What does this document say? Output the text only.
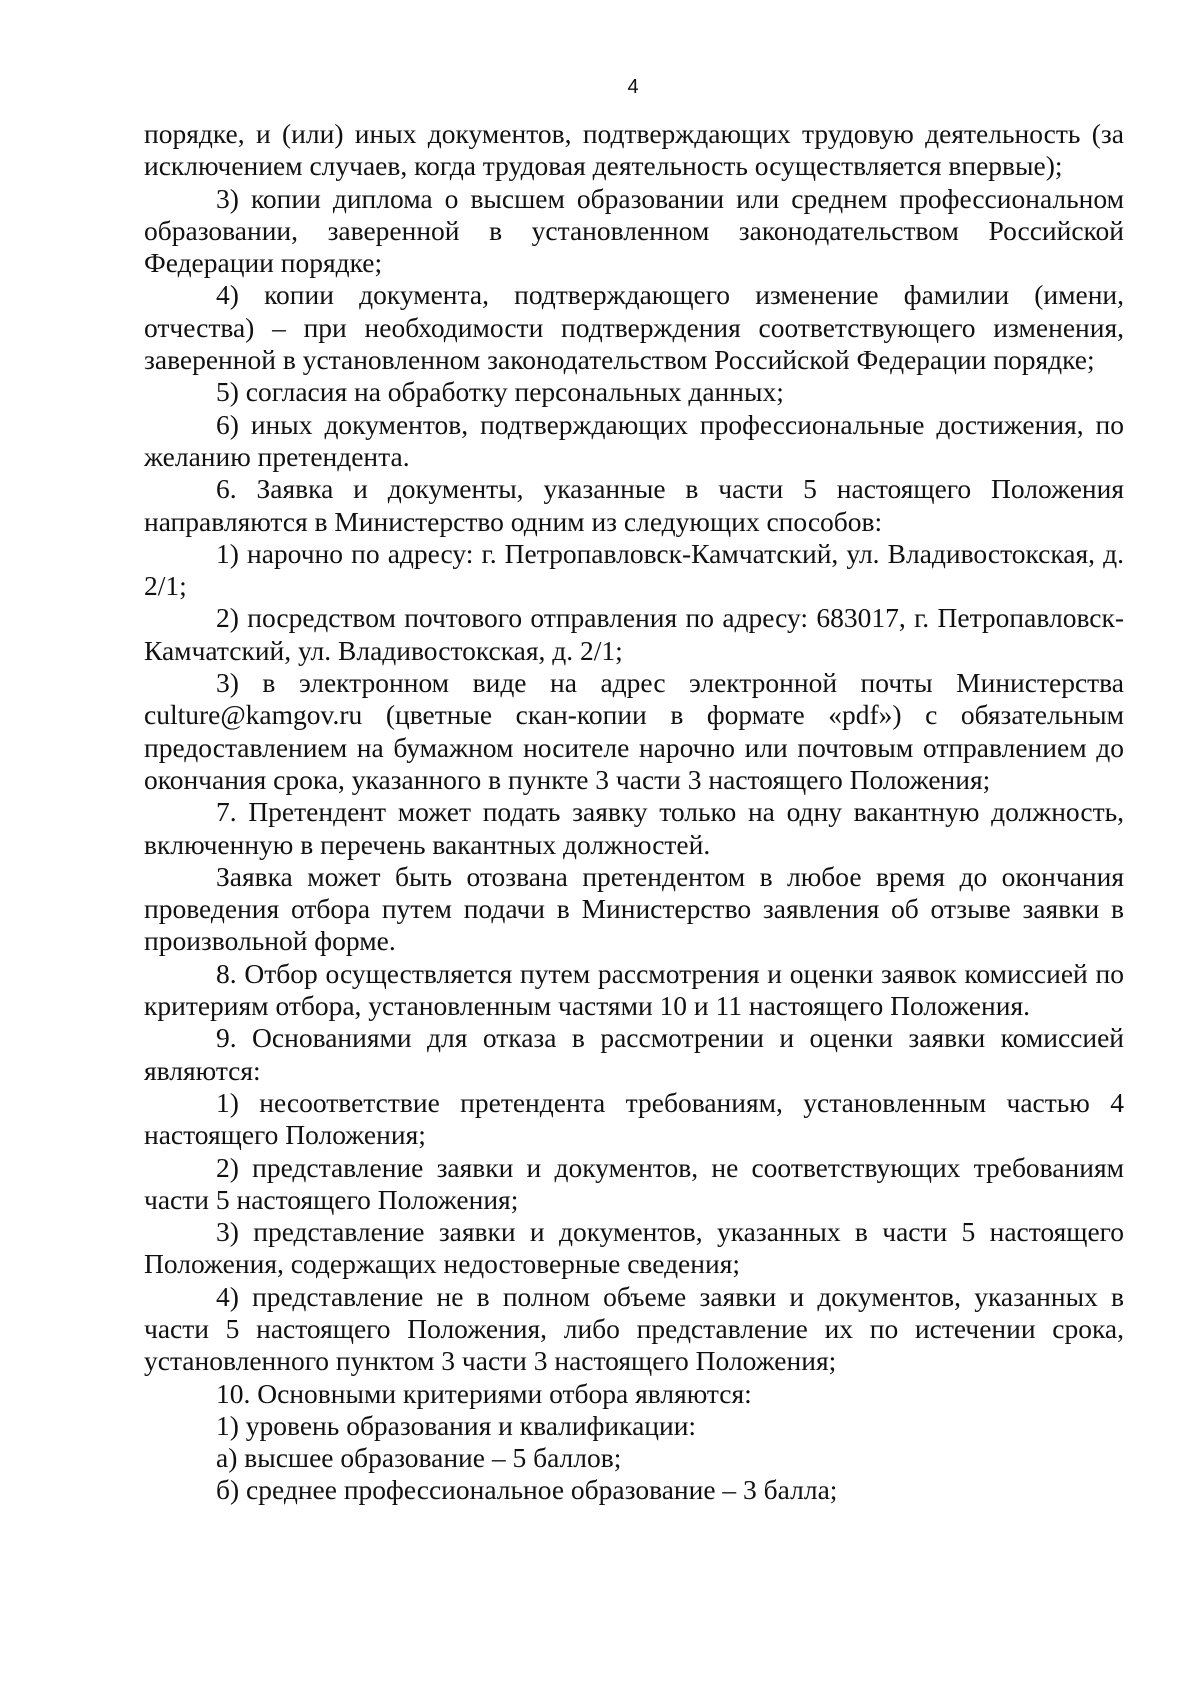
4

порядке, и (или) иных документов, подтверждающих трудовую деятельность (за исключением случаев, когда трудовая деятельность осуществляется впервые);

3) копии диплома о высшем образовании или среднем профессиональном образовании, заверенной в установленном законодательством Российской Федерации порядке;

4) копии документа, подтверждающего изменение фамилии (имени, отчества) – при необходимости подтверждения соответствующего изменения, заверенной в установленном законодательством Российской Федерации порядке;

5) согласия на обработку персональных данных;

6) иных документов, подтверждающих профессиональные достижения, по желанию претендента.

6. Заявка и документы, указанные в части 5 настоящего Положения направляются в Министерство одним из следующих способов:

1) нарочно по адресу: г. Петропавловск-Камчатский, ул. Владивостокская, д. 2/1;

2) посредством почтового отправления по адресу: 683017, г. Петропавловск-Камчатский, ул. Владивостокская, д. 2/1;

3) в электронном виде на адрес электронной почты Министерства culture@kamgov.ru (цветные скан-копии в формате «pdf») с обязательным предоставлением на бумажном носителе нарочно или почтовым отправлением до окончания срока, указанного в пункте 3 части 3 настоящего Положения;

7. Претендент может подать заявку только на одну вакантную должность, включенную в перечень вакантных должностей.

Заявка может быть отозвана претендентом в любое время до окончания проведения отбора путем подачи в Министерство заявления об отзыве заявки в произвольной форме.

8. Отбор осуществляется путем рассмотрения и оценки заявок комиссией по критериям отбора, установленным частями 10 и 11 настоящего Положения.

9. Основаниями для отказа в рассмотрении и оценки заявки комиссией являются:

1) несоответствие претендента требованиям, установленным частью 4 настоящего Положения;

2) представление заявки и документов, не соответствующих требованиям части 5 настоящего Положения;

3) представление заявки и документов, указанных в части 5 настоящего Положения, содержащих недостоверные сведения;

4) представление не в полном объеме заявки и документов, указанных в части 5 настоящего Положения, либо представление их по истечении срока, установленного пунктом 3 части 3 настоящего Положения;

10. Основными критериями отбора являются:

1) уровень образования и квалификации:

а) высшее образование – 5 баллов;

б) среднее профессиональное образование – 3 балла;
